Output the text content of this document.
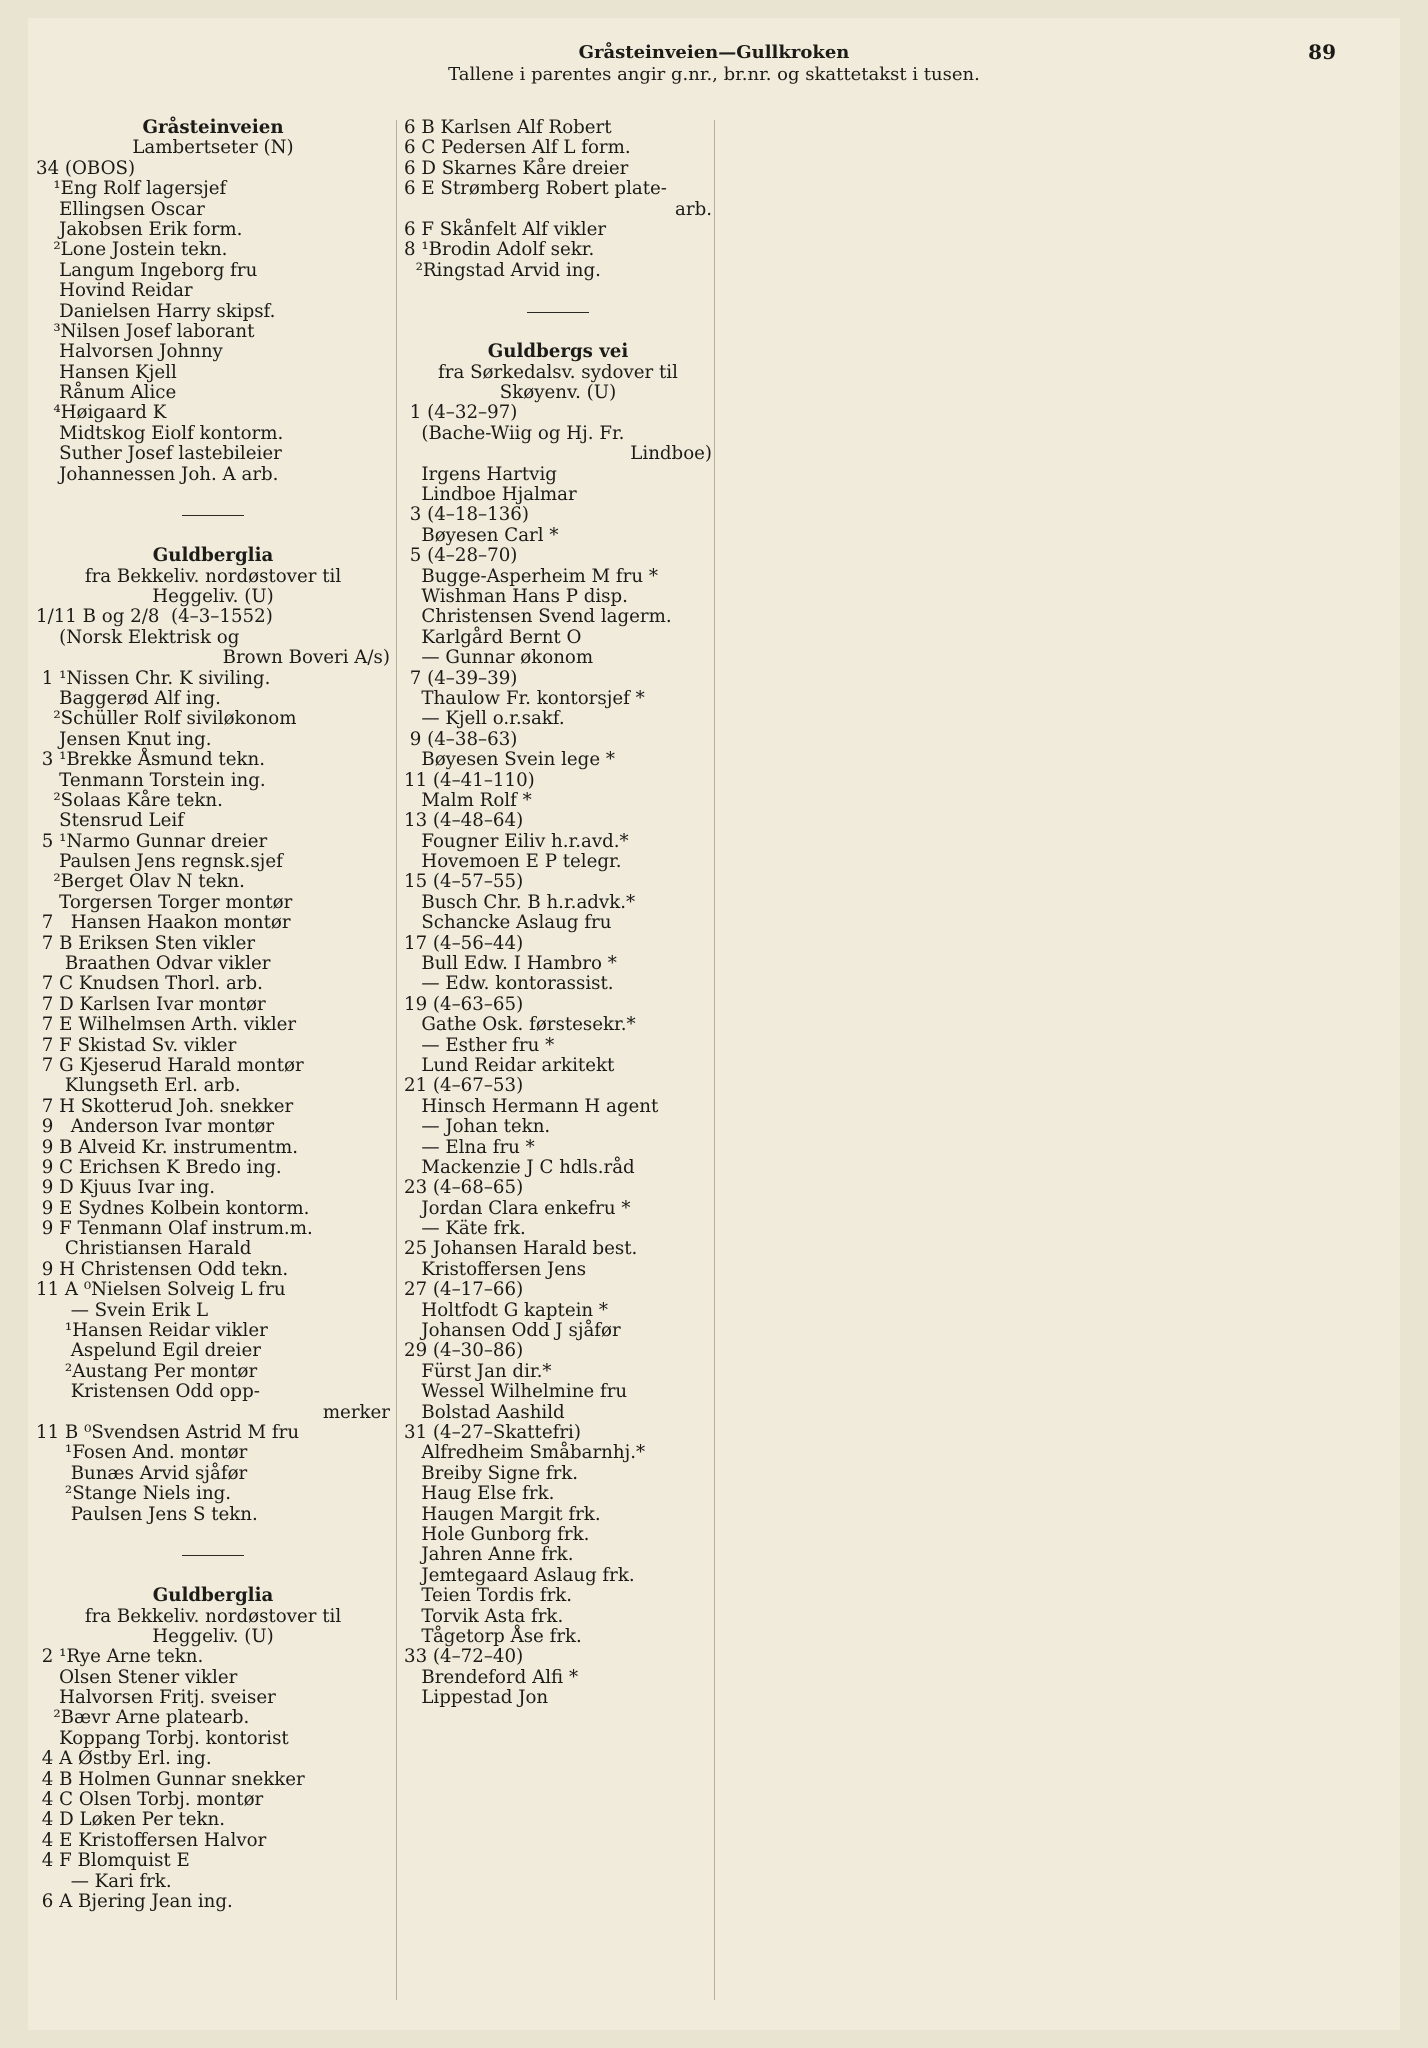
Gråsteinveien—Gullkroken	89
Tallene i parentes angir g.nr., br.nr. og skattetakst i tusen.
Gråsteinveien
Lambertseter (N)
34 (OBOS)
¹Eng Rolf lagersjef
Ellingsen Oscar
Jakobsen Erik form.
²Lone Jostein tekn.
Langum Ingeborg fru
Hovind Reidar
Danielsen Harry skipsf.
³Nilsen Josef laborant
Halvorsen Johnny
Hansen Kjell
Rånum Alice
⁴Høigaard K
Midtskog Eiolf kontorm.
Suther Josef lastebileier
Johannessen Joh. A arb.
Guldberglia
fra Bekkeliv. nordøstover til
Heggeliv. (U)
1/11 B og 2/8  (4–3–1552)
(Norsk Elektrisk og
Brown Boveri A/s)
1 ¹Nissen Chr. K siviling.
Baggerød Alf ing.
²Schüller Rolf siviløkonom
Jensen Knut ing.
3 ¹Brekke Åsmund tekn.
Tenmann Torstein ing.
²Solaas Kåre tekn.
Stensrud Leif
5 ¹Narmo Gunnar dreier
Paulsen Jens regnsk.sjef
²Berget Olav N tekn.
Torgersen Torger montør
7   Hansen Haakon montør
7 B Eriksen Sten vikler
Braathen Odvar vikler
7 C Knudsen Thorl. arb.
7 D Karlsen Ivar montør
7 E Wilhelmsen Arth. vikler
7 F Skistad Sv. vikler
7 G Kjeserud Harald montør
Klungseth Erl. arb.
7 H Skotterud Joh. snekker
9   Anderson Ivar montør
9 B Alveid Kr. instrumentm.
9 C Erichsen K Bredo ing.
9 D Kjuus Ivar ing.
9 E Sydnes Kolbein kontorm.
9 F Tenmann Olaf instrum.m.
Christiansen Harald
9 H Christensen Odd tekn.
11 A ⁰Nielsen Solveig L fru
— Svein Erik L
¹Hansen Reidar vikler
Aspelund Egil dreier
²Austang Per montør
Kristensen Odd opp-
merker
11 B ⁰Svendsen Astrid M fru
¹Fosen And. montør
Bunæs Arvid sjåfør
²Stange Niels ing.
Paulsen Jens S tekn.
Guldberglia
fra Bekkeliv. nordøstover til
Heggeliv. (U)
2 ¹Rye Arne tekn.
Olsen Stener vikler
Halvorsen Fritj. sveiser
²Bævr Arne platearb.
Koppang Torbj. kontorist
4 A Østby Erl. ing.
4 B Holmen Gunnar snekker
4 C Olsen Torbj. montør
4 D Løken Per tekn.
4 E Kristoffersen Halvor
4 F Blomquist E
— Kari frk.
6 A Bjering Jean ing.
6 B Karlsen Alf Robert
6 C Pedersen Alf L form.
6 D Skarnes Kåre dreier
6 E Strømberg Robert plate-
arb.
6 F Skånfelt Alf vikler
8 ¹Brodin Adolf sekr.
²Ringstad Arvid ing.
Guldbergs vei
fra Sørkedalsv. sydover til
Skøyenv. (U)
1 (4–32–97)
(Bache-Wiig og Hj. Fr.
Lindboe)
Irgens Hartvig
Lindboe Hjalmar
3 (4–18–136)
Bøyesen Carl *
5 (4–28–70)
Bugge-Asperheim M fru *
Wishman Hans P disp.
Christensen Svend lagerm.
Karlgård Bernt O
— Gunnar økonom
7 (4–39–39)
Thaulow Fr. kontorsjef *
— Kjell o.r.sakf.
9 (4–38–63)
Bøyesen Svein lege *
11 (4–41–110)
Malm Rolf *
13 (4–48–64)
Fougner Eiliv h.r.avd.*
Hovemoen E P telegr.
15 (4–57–55)
Busch Chr. B h.r.advk.*
Schancke Aslaug fru
17 (4–56–44)
Bull Edw. I Hambro *
— Edw. kontorassist.
19 (4–63–65)
Gathe Osk. førstesekr.*
— Esther fru *
Lund Reidar arkitekt
21 (4–67–53)
Hinsch Hermann H agent
— Johan tekn.
— Elna fru *
Mackenzie J C hdls.råd
23 (4–68–65)
Jordan Clara enkefru *
— Käte frk.
25 Johansen Harald best.
Kristoffersen Jens
27 (4–17–66)
Holtfodt G kaptein *
Johansen Odd J sjåfør
29 (4–30–86)
Fürst Jan dir.*
Wessel Wilhelmine fru
Bolstad Aashild
31 (4–27–Skattefri)
Alfredheim Småbarnhj.*
Breiby Signe frk.
Haug Else frk.
Haugen Margit frk.
Hole Gunborg frk.
Jahren Anne frk.
Jemtegaard Aslaug frk.
Teien Tordis frk.
Torvik Asta frk.
Tågetorp Åse frk.
33 (4–72–40)
Brendeford Alfi *
Lippestad Jon
